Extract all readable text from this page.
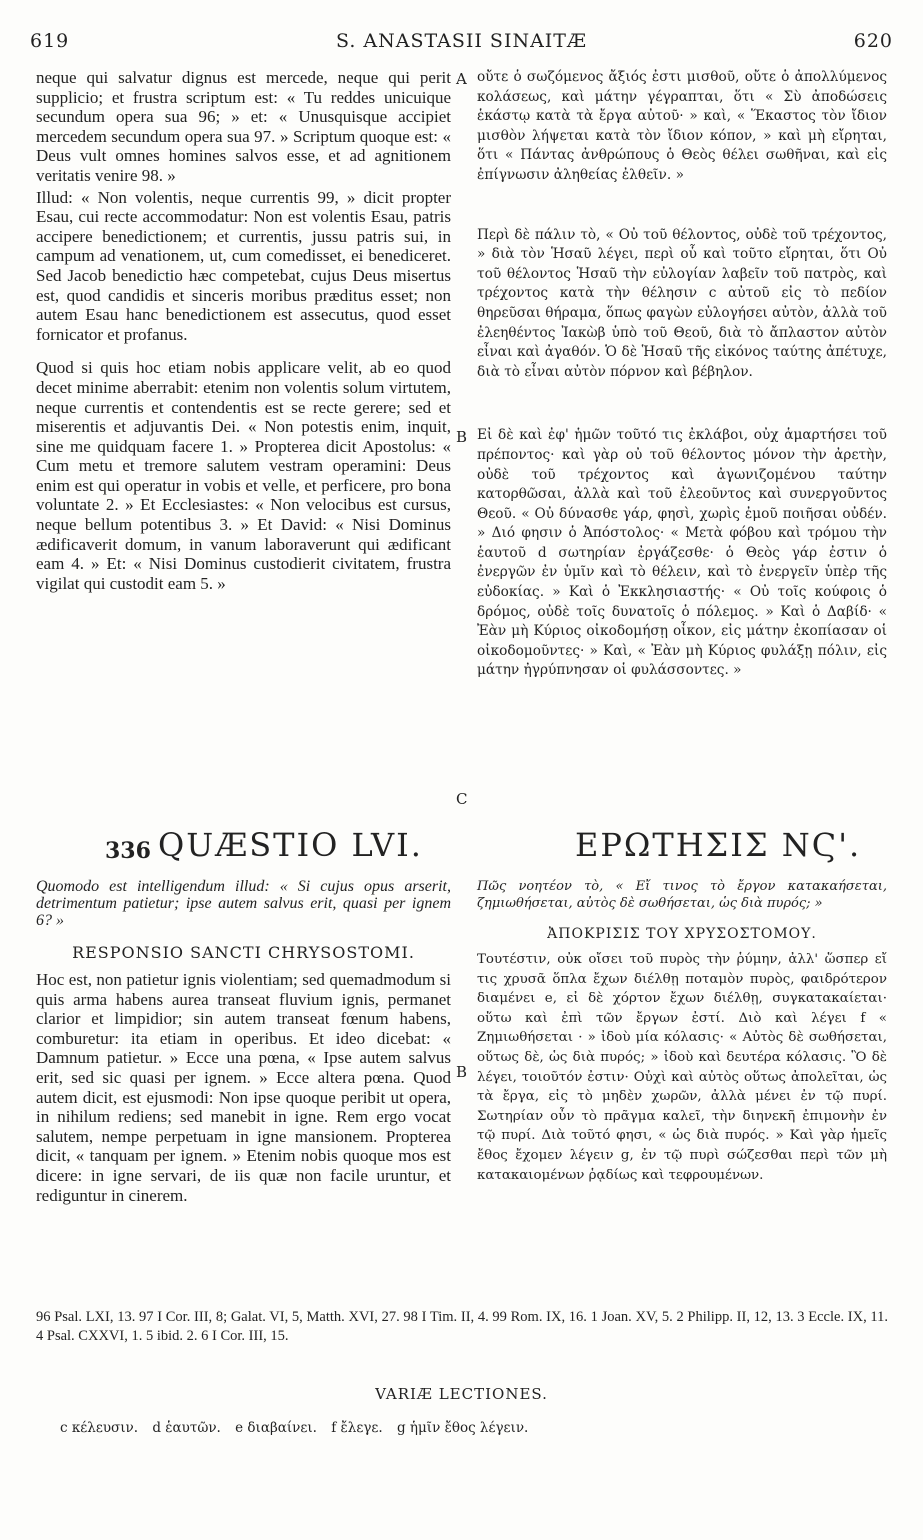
619	S. ANASTASII SINAITÆ	620

neque qui salvatur dignus est mercede, neque qui perit supplicio; et frustra scriptum est: « Tu reddes unicuique secundum opera sua 96; » et: « Unusquisque accipiet mercedem secundum opera sua 97. » Scriptum quoque est: « Deus vult omnes homines salvos esse, et ad agnitionem veritatis venire 98. »

Illud: « Non volentis, neque currentis 99, » dicit propter Esau, cui recte accommodatur: Non est volentis Esau, patris accipere benedictionem; et currentis, jussu patris sui, in campum ad venationem, ut, cum comedisset, ei benediceret. Sed Jacob benedictio hæc competebat, cujus Deus misertus est, quod candidis et sinceris moribus præditus esset; non autem Esau hanc benedictionem est assecutus, quod esset fornicator et profanus.

Quod si quis hoc etiam nobis applicare velit, ab eo quod decet minime aberrabit: etenim non volentis solum virtutem, neque currentis et contendentis est se recte gerere; sed et miserentis et adjuvantis Dei. « Non potestis enim, inquit, sine me quidquam facere 1. » Propterea dicit Apostolus: « Cum metu et tremore salutem vestram operamini: Deus enim est qui operatur in vobis et velle, et perficere, pro bona voluntate 2. » Et Ecclesiastes: « Non velocibus est cursus, neque bellum potentibus 3. » Et David: « Nisi Dominus ædificaverit domum, in vanum laboraverunt qui ædificant eam 4. » Et: « Nisi Dominus custodierit civitatem, frustra vigilat qui custodit eam 5. »

οὔτε ὁ σωζόμενος ἄξιός ἐστι μισθοῦ, οὔτε ὁ ἀπολλύμενος κολάσεως, καὶ μάτην γέγραπται, ὅτι « Σὺ ἀποδώσεις ἑκάστῳ κατὰ τὰ ἔργα αὐτοῦ· » καὶ, « Ἕκαστος τὸν ἴδιον μισθὸν λήψεται κατὰ τὸν ἴδιον κόπον, » καὶ μὴ εἴρηται, ὅτι « Πάντας ἀνθρώπους ὁ Θεὸς θέλει σωθῆναι, καὶ εἰς ἐπίγνωσιν ἀληθείας ἐλθεῖν. »

Περὶ δὲ πάλιν τὸ, « Οὐ τοῦ θέλοντος, οὐδὲ τοῦ τρέχοντος, » διὰ τὸν Ἡσαῦ λέγει, περὶ οὗ καὶ τοῦτο εἴρηται, ὅτι Οὐ τοῦ θέλοντος Ἡσαῦ τὴν εὐλογίαν λαβεῖν τοῦ πατρὸς, καὶ τρέχοντος κατὰ τὴν θέλησιν c αὐτοῦ εἰς τὸ πεδίον θηρεῦσαι θήραμα, ὅπως φαγὼν εὐλογήσει αὐτὸν, ἀλλὰ τοῦ ἐλεηθέντος Ἰακὼβ ὑπὸ τοῦ Θεοῦ, διὰ τὸ ἄπλαστον αὐτὸν εἶναι καὶ ἀγαθόν. Ὁ δὲ Ἡσαῦ τῆς εἰκόνος ταύτης ἀπέτυχε, διὰ τὸ εἶναι αὐτὸν πόρνον καὶ βέβηλον.

Εἰ δὲ καὶ ἐφ' ἡμῶν τοῦτό τις ἐκλάβοι, οὐχ ἁμαρτήσει τοῦ πρέποντος· καὶ γὰρ οὐ τοῦ θέλοντος μόνον τὴν ἀρετὴν, οὐδὲ τοῦ τρέχοντος καὶ ἀγωνιζομένου ταύτην κατορθῶσαι, ἀλλὰ καὶ τοῦ ἐλεοῦντος καὶ συνεργοῦντος Θεοῦ. « Οὐ δύνασθε γάρ, φησὶ, χωρὶς ἐμοῦ ποιῆσαι οὐδέν. » Διό φησιν ὁ Ἀπόστολος· « Μετὰ φόβου καὶ τρόμου τὴν ἑαυτοῦ d σωτηρίαν ἐργάζεσθε· ὁ Θεὸς γάρ ἐστιν ὁ ἐνεργῶν ἐν ὑμῖν καὶ τὸ θέλειν, καὶ τὸ ἐνεργεῖν ὑπὲρ τῆς εὐδοκίας. » Καὶ ὁ Ἐκκλησιαστής· « Οὐ τοῖς κούφοις ὁ δρόμος, οὐδὲ τοῖς δυνατοῖς ὁ πόλεμος. » Καὶ ὁ Δαβίδ· « Ἐὰν μὴ Κύριος οἰκοδομήσῃ οἶκον, εἰς μάτην ἐκοπίασαν οἱ οἰκοδομοῦντες· » Καὶ, « Ἐὰν μὴ Κύριος φυλάξῃ πόλιν, εἰς μάτην ἠγρύπνησαν οἱ φυλάσσοντες. »

A
B
C
B
336 QUÆSTIO LVI.	ΕΡΩΤΗΣΙΣ ΝϚ'.

Quomodo est intelligendum illud: « Si cujus opus arserit, detrimentum patietur; ipse autem salvus erit, quasi per ignem 6? »

RESPONSIO SANCTI CHRYSOSTOMI.

Hoc est, non patietur ignis violentiam; sed quemadmodum si quis arma habens aurea transeat fluvium ignis, permanet clarior et limpidior; sin autem transeat fœnum habens, comburetur: ita etiam in operibus. Et ideo dicebat: « Damnum patietur. » Ecce una pœna, « Ipse autem salvus erit, sed sic quasi per ignem. » Ecce altera pœna. Quod autem dicit, est ejusmodi: Non ipse quoque peribit ut opera, in nihilum rediens; sed manebit in igne. Rem ergo vocat salutem, nempe perpetuam in igne mansionem. Propterea dicit, « tanquam per ignem. » Etenim nobis quoque mos est dicere: in igne servari, de iis quæ non facile uruntur, et rediguntur in cinerem.

Πῶς νοητέον τὸ, « Εἴ τινος τὸ ἔργον κατακαήσεται, ζημιωθήσεται, αὐτὸς δὲ σωθήσεται, ὡς διὰ πυρός; »

ἈΠΟΚΡΙΣΙΣ ΤΟΥ ΧΡΥΣΟΣΤΟΜΟΥ.

Τουτέστιν, οὐκ οἴσει τοῦ πυρὸς τὴν ῥύμην, ἀλλ' ὥσπερ εἴ τις χρυσᾶ ὅπλα ἔχων διέλθῃ ποταμὸν πυρὸς, φαιδρότερον διαμένει e, εἰ δὲ χόρτον ἔχων διέλθῃ, συγκατακαίεται· οὕτω καὶ ἐπὶ τῶν ἔργων ἐστί. Διὸ καὶ λέγει f « Ζημιωθήσεται · » ἰδοὺ μία κόλασις· « Αὐτὸς δὲ σωθήσεται, οὕτως δὲ, ὡς διὰ πυρός; » ἰδοὺ καὶ δευτέρα κόλασις. Ὃ δὲ λέγει, τοιοῦτόν ἐστιν· Οὐχὶ καὶ αὐτὸς οὕτως ἀπολεῖται, ὡς τὰ ἔργα, εἰς τὸ μηδὲν χωρῶν, ἀλλὰ μένει ἐν τῷ πυρί. Σωτηρίαν οὖν τὸ πρᾶγμα καλεῖ, τὴν διηνεκῆ ἐπιμονὴν ἐν τῷ πυρί. Διὰ τοῦτό φησι, « ὡς διὰ πυρός. » Καὶ γὰρ ἡμεῖς ἔθος ἔχομεν λέγειν g, ἐν τῷ πυρὶ σώζεσθαι περὶ τῶν μὴ κατακαιομένων ῥᾳδίως καὶ τεφρουμένων.

96 Psal. LXI, 13. 97 I Cor. III, 8; Galat. VI, 5, Matth. XVI, 27. 98 I Tim. II, 4. 99 Rom. IX, 16. 1 Joan. XV, 5. 2 Philipp. II, 12, 13. 3 Eccle. IX, 11. 4 Psal. CXXVI, 1. 5 ibid. 2. 6 I Cor. III, 15.
VARIÆ LECTIONES.
c κέλευσιν. d ἑαυτῶν. e διαβαίνει. f ἔλεγε. g ἡμῖν ἔθος λέγειν.
